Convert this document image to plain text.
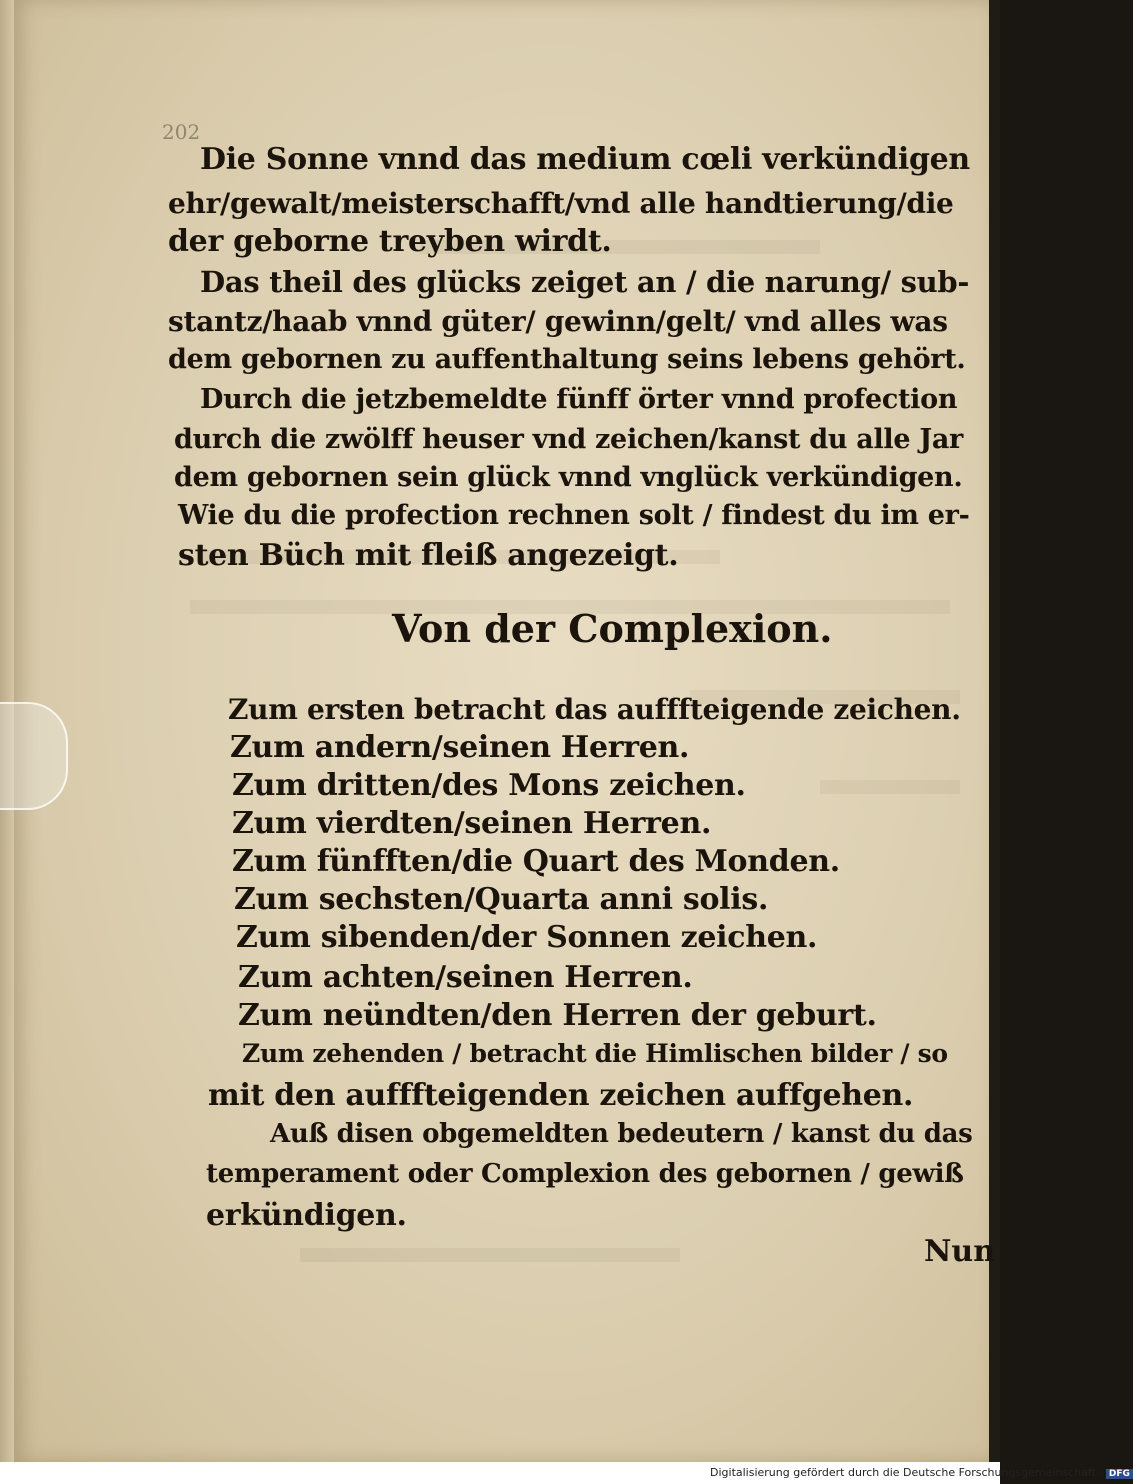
202
Die Sonne vnnd das medium cœli verkündigen
ehr/gewalt/meisterschafft/vnd alle handtierung/die
der geborne treyben wirdt.
Das theil des glücks zeiget an / die narung/ sub-
stantz/haab vnnd güter/ gewinn/gelt/ vnd alles was
dem gebornen zu auffenthaltung seins lebens gehört.
Durch die jetzbemeldte fünff örter vnnd profection
durch die zwölff heuser vnd zeichen/kanst du alle Jar
dem gebornen sein glück vnnd vnglück verkündigen.
Wie du die profection rechnen solt / findest du im er-
sten Büch mit fleiß angezeigt.
Von der Complexion.
Zum ersten betracht das aufffteigende zeichen.
Zum andern/seinen Herren.
Zum dritten/des Mons zeichen.
Zum vierdten/seinen Herren.
Zum fünfften/die Quart des Monden.
Zum sechsten/Quarta anni solis.
Zum sibenden/der Sonnen zeichen.
Zum achten/seinen Herren.
Zum neündten/den Herren der geburt.
Zum zehenden / betracht die Himlischen bilder / so
mit den aufffteigenden zeichen auffgehen.
Auß disen obgemeldten bedeutern / kanst du das
temperament oder Complexion des gebornen / gewiß
erkündigen.
Nun
Digitalisierung gefördert durch die Deutsche Forschungsgemeinschaft · DFG
